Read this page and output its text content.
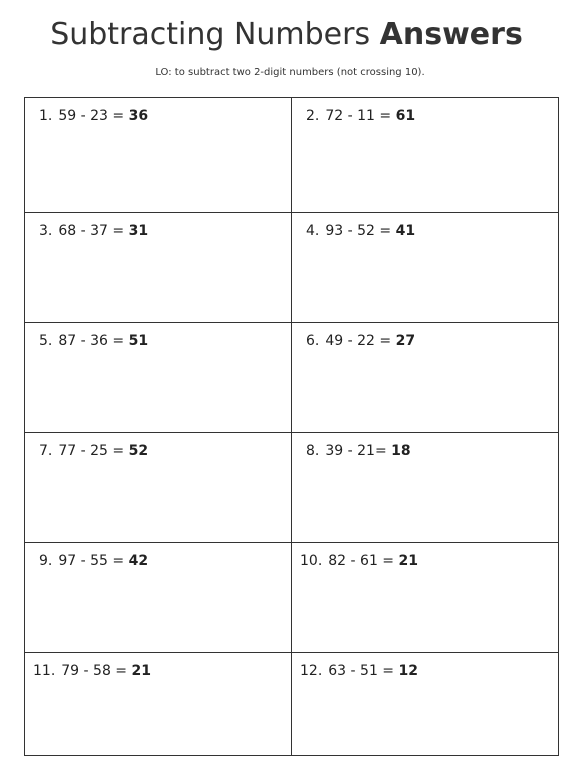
Subtracting Numbers Answers
LO: to subtract two 2-digit numbers (not crossing 10).
1. 59 - 23 = 36	2. 72 - 11 = 61
3. 68 - 37 = 31	4. 93 - 52 = 41
5. 87 - 36 = 51	6. 49 - 22 = 27
7. 77 - 25 = 52	8. 39 - 21= 18
9. 97 - 55 = 42	10. 82 - 61 = 21
11. 79 - 58 = 21	12. 63 - 51 = 12
